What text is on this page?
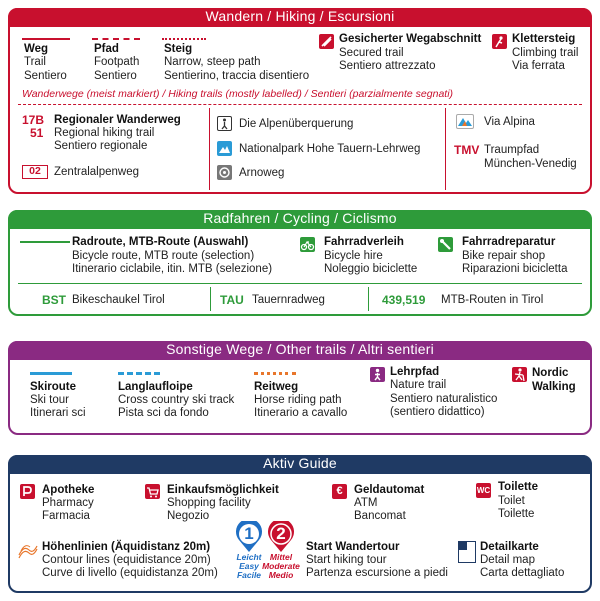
Wandern / Hiking / Escursioni
Weg
Trail
Sentiero
Pfad
Footpath
Sentiero
Steig
Narrow, steep path
Sentierino, traccia disentiero
Gesicherter Wegabschnitt
Secured trail
Sentiero attrezzato
Klettersteig
Climbing trail
Via ferrata
Wanderwege (meist markiert) / Hiking trails (mostly labelled) / Sentieri (parzialmente segnati)
17B
51
Regionaler Wanderweg
Regional hiking trail
Sentiero regionale
02	Zentralalpenweg
Die Alpenüberquerung
Nationalpark Hohe Tauern-Lehrweg
Arnoweg
Via Alpina
TMV Traumpfad
München-Venedig
Radfahren / Cycling / Ciclismo
Radroute, MTB-Route (Auswahl)
Bicycle route, MTB route (selection)
Itinerario ciclabile, itin. MTB (selezione)
Fahrradverleih
Bicycle hire
Noleggio biciclette
Fahrradreparatur
Bike repair shop
Riparazioni bicicletta
BST Bikeschaukel Tirol	TAU Tauernradweg	439,519 MTB-Routen in Tirol
Sonstige Wege / Other trails / Altri sentieri
Skiroute
Ski tour
Itinerari sci
Langlaufloipe
Cross country ski track
Pista sci da fondo
Reitweg
Horse riding path
Itinerario a cavallo
Lehrpfad
Nature trail
Sentiero naturalistico
(sentiero didattico)
Nordic
Walking
Aktiv Guide
Apotheke
Pharmacy
Farmacia
Einkaufsmöglichkeit
Shopping facility
Negozio
€ Geldautomat
ATM
Bancomat
WC Toilette
Toilet
Toilette
Höhenlinien (Äquidistanz 20m)
Contour lines (equidistance 20m)
Curve di livello (equidistanza 20m)
1
Leicht
Easy
Facile
2
Mittel
Moderate
Medio
Start Wandertour
Start hiking tour
Partenza escursione a piedi
Detailkarte
Detail map
Carta dettagliato
